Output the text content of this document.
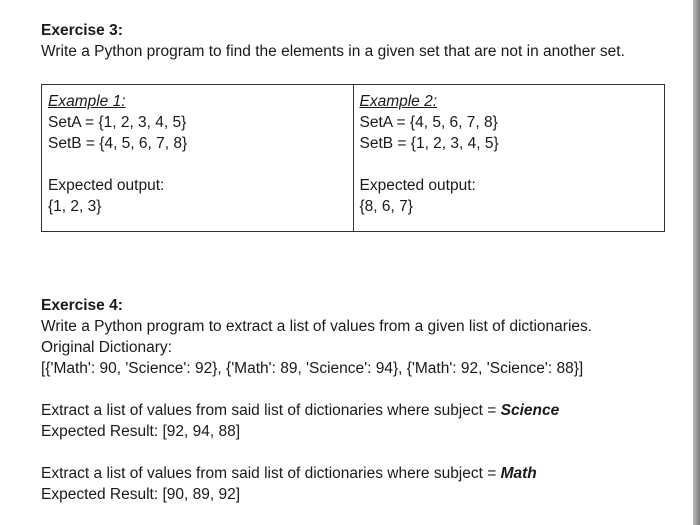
Exercise 3:
Write a Python program to find the elements in a given set that are not in another set.
Example 1:
SetA = {1, 2, 3, 4, 5}
SetB = {4, 5, 6, 7, 8}
Expected output:
{1, 2, 3}
Example 2:
SetA = {4, 5, 6, 7, 8}
SetB = {1, 2, 3, 4, 5}
Expected output:
{8, 6, 7}
Exercise 4:
Write a Python program to extract a list of values from a given list of dictionaries.
Original Dictionary:
[{'Math': 90, 'Science': 92}, {'Math': 89, 'Science': 94}, {'Math': 92, 'Science': 88}]
Extract a list of values from said list of dictionaries where subject = Science
Expected Result: [92, 94, 88]
Extract a list of values from said list of dictionaries where subject = Math
Expected Result: [90, 89, 92]
